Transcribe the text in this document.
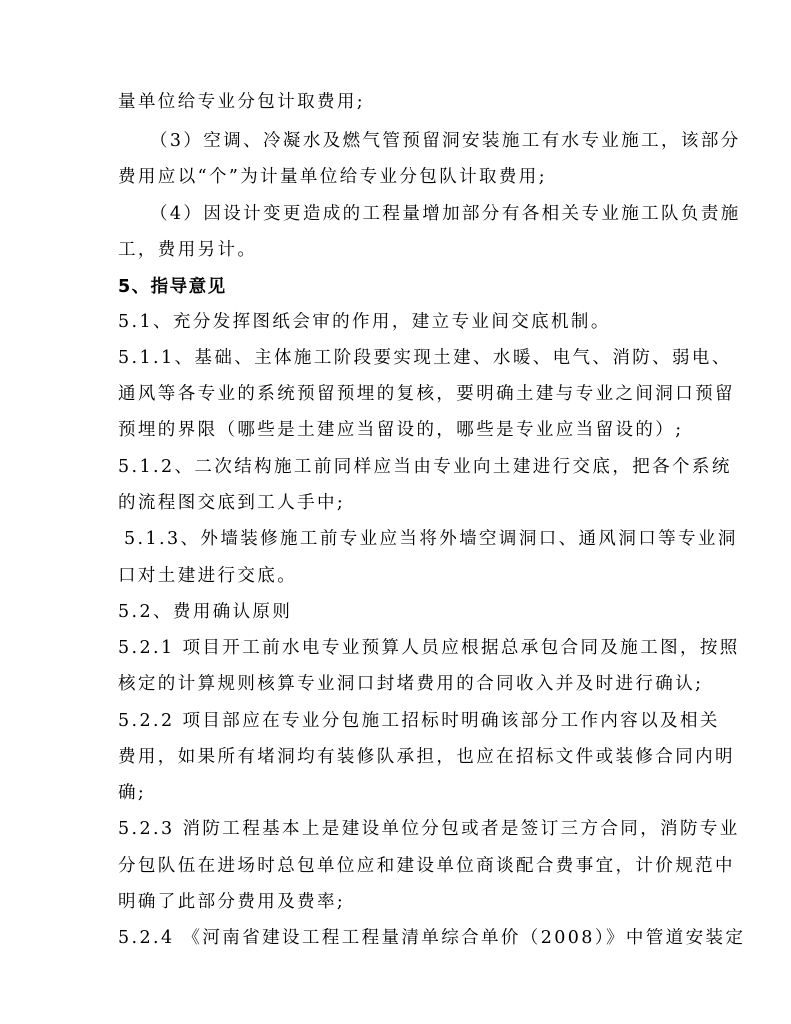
量单位给专业分包计取费用;
（3）空调、冷凝水及燃气管预留洞安装施工有水专业施工，该部分
费用应以“个”为计量单位给专业分包队计取费用;
（4）因设计变更造成的工程量增加部分有各相关专业施工队负责施
工，费用另计。
5、指导意见
5.1、充分发挥图纸会审的作用，建立专业间交底机制。
5.1.1、基础、主体施工阶段要实现土建、水暖、电气、消防、弱电、
通风等各专业的系统预留预埋的复核，要明确土建与专业之间洞口预留
预埋的界限（哪些是土建应当留设的，哪些是专业应当留设的）;
5.1.2、二次结构施工前同样应当由专业向土建进行交底，把各个系统
的流程图交底到工人手中;
5.1.3、外墙装修施工前专业应当将外墙空调洞口、通风洞口等专业洞
口对土建进行交底。
5.2、费用确认原则
5.2.1 项目开工前水电专业预算人员应根据总承包合同及施工图，按照
核定的计算规则核算专业洞口封堵费用的合同收入并及时进行确认;
5.2.2 项目部应在专业分包施工招标时明确该部分工作内容以及相关
费用，如果所有堵洞均有装修队承担，也应在招标文件或装修合同内明
确;
5.2.3 消防工程基本上是建设单位分包或者是签订三方合同，消防专业
分包队伍在进场时总包单位应和建设单位商谈配合费事宜，计价规范中
明确了此部分费用及费率;
5.2.4 《河南省建设工程工程量清单综合单价（2008）》中管道安装定
